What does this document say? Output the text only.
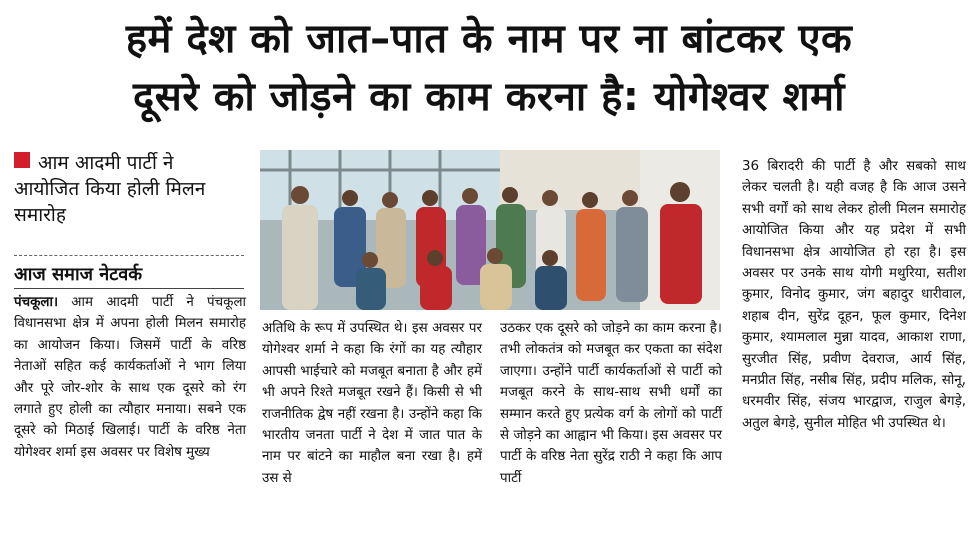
हमें देश को जात–पात के नाम पर ना बांटकर एक
दूसरे को जोड़ने का काम करना है: योगेश्वर शर्मा
आम आदमी पार्टी ने आयोजित किया होली मिलन समारोह
आज समाज नेटवर्क
पंचकूला। आम आदमी पार्टी ने पंचकूला विधानसभा क्षेत्र में अपना होली मिलन समारोह का आयोजन किया। जिसमें पार्टी के वरिष्ठ नेताओं सहित कई कार्यकर्ताओं ने भाग लिया और पूरे जोर-शोर के साथ एक दूसरे को रंग लगाते हुए होली का त्यौहार मनाया। सबने एक दूसरे को मिठाई खिलाई। पार्टी के वरिष्ठ नेता योगेश्वर शर्मा इस अवसर पर विशेष मुख्य
अतिथि के रूप में उपस्थित थे। इस अवसर पर योगेश्वर शर्मा ने कहा कि रंगों का यह त्यौहार आपसी भाईचारे को मजबूत बनाता है और हमें भी अपने रिश्ते मजबूत रखने हैं। किसी से भी राजनीतिक द्वेष नहीं रखना है। उन्होंने कहा कि भारतीय जनता पार्टी ने देश में जात पात के नाम पर बांटने का माहौल बना रखा है। हमें उस से
उठकर एक दूसरे को जोड़ने का काम करना है। तभी लोकतंत्र को मजबूत कर एकता का संदेश जाएगा। उन्होंने पार्टी कार्यकर्ताओं से पार्टी को मजबूत करने के साथ-साथ सभी धर्मों का सम्मान करते हुए प्रत्येक वर्ग के लोगों को पार्टी से जोड़ने का आह्वान भी किया। इस अवसर पर पार्टी के वरिष्ठ नेता सुरेंद्र राठी ने कहा कि आप पार्टी
36 बिरादरी की पार्टी है और सबको साथ लेकर चलती है। यही वजह है कि आज उसने सभी वर्गों को साथ लेकर होली मिलन समारोह आयोजित किया और यह प्रदेश में सभी विधानसभा क्षेत्र आयोजित हो रहा है। इस अवसर पर उनके साथ योगी मथुरिया, सतीश कुमार, विनोद कुमार, जंग बहादुर धारीवाल, शहाब दीन, सुरेंद्र दूहन, फूल कुमार, दिनेश कुमार, श्यामलाल मुन्ना यादव, आकाश राणा, सुरजीत सिंह, प्रवीण देवराज, आर्य सिंह, मनप्रीत सिंह, नसीब सिंह, प्रदीप मलिक, सोनू, धरमवीर सिंह, संजय भारद्वाज, राजुल बेगड़े, अतुल बेगड़े, सुनील मोहित भी उपस्थित थे।
